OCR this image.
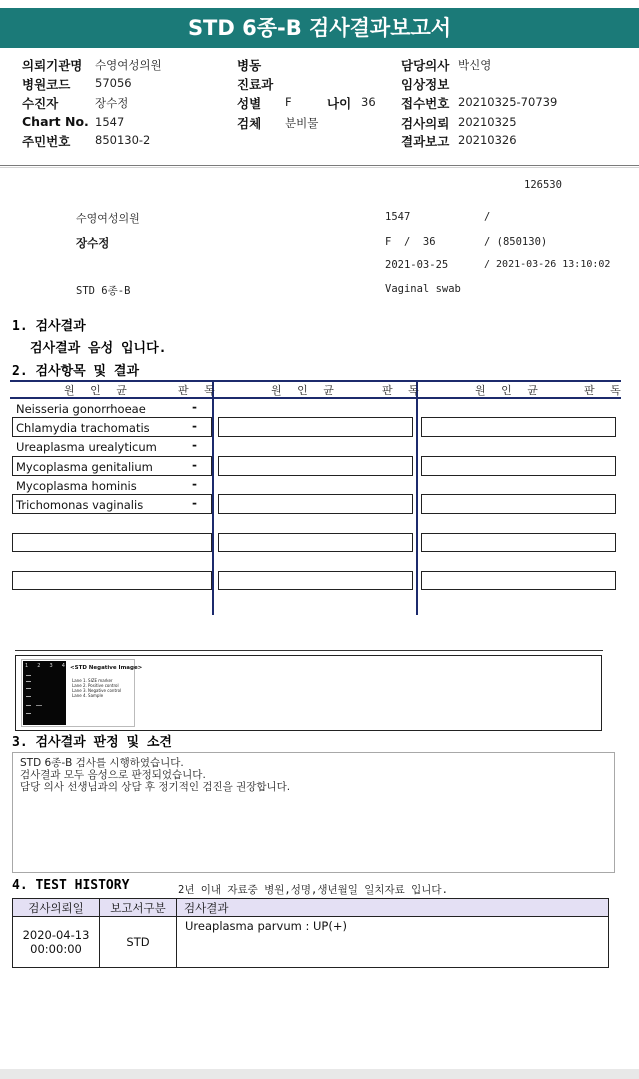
STD 6종-B 검사결과보고서
의뢰기관명 수영여성의원
병원코드 57056
수진자	장수정
Chart No. 1547
주민번호 850130-2
병동
진료과
성별 F	나이 36
검체 분비물
담당의사 박신영
임상정보
접수번호 20210325-70739
검사의뢰 20210325
결과보고 20210326
126530
수영여성의원	1547	/
장수정	F  /  36	/ (850130)
2021-03-25	/ 2021-03-26 13:10:02
STD 6종-B	Vaginal swab
1. 검사결과
검사결과 음성 입니다.
2. 검사항목 및 결과
원 인 균	판 독	원 인 균	판 독	원 인 균	판 독
Neisseria gonorrhoeae	-
Chlamydia trachomatis	-
Ureaplasma urealyticum	-
Mycoplasma genitalium	-
Mycoplasma hominis	-
Trichomonas vaginalis	-
1 2 3 4 <STD Negative Image>
Lane 1. SIZE marker
Lane 2. Positive control
Lane 3. Negative control
Lane 4. Sample
3. 검사결과 판정 및 소견
STD 6종-B 검사를 시행하였습니다.
검사결과 모두 음성으로 판정되었습니다.
담당 의사 선생님과의 상담 후 정기적인 검진을 권장합니다.
4. TEST HISTORY	2년 이내 자료중 병원,성명,생년월일 일치자료 입니다.
검사의뢰일	보고서구분	검사결과

2020-04-13
00:00:00	STD	Ureaplasma parvum : UP(+)
